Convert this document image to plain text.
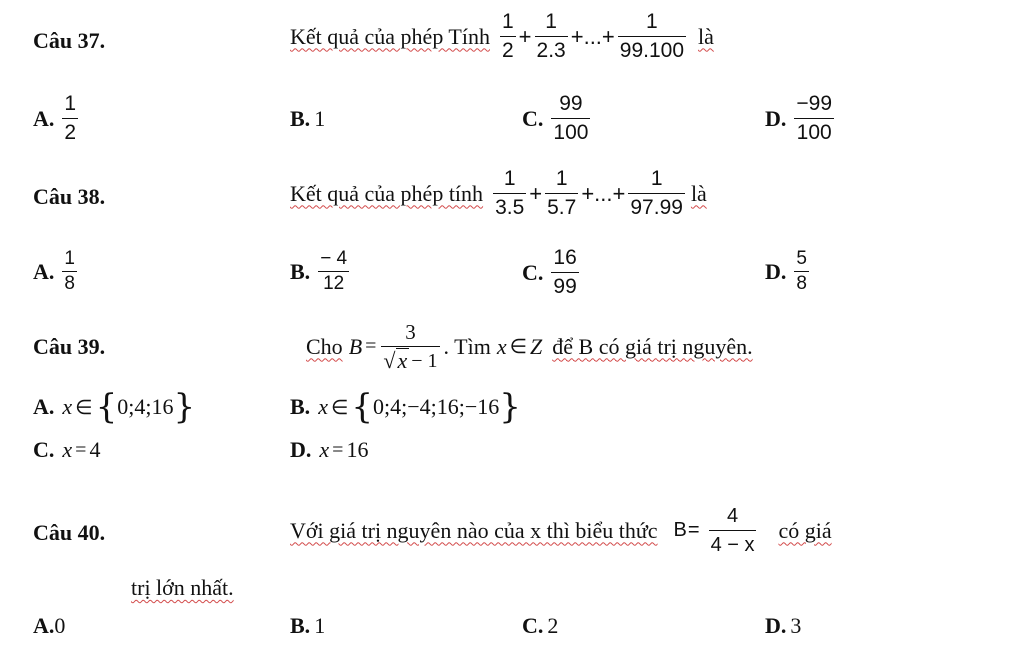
Câu 37.	Kết quả của phép Tính $\frac{1}{2} + \frac{1}{2.3}$ +...+ $\frac{1}{99.100}$ là
A. $\frac{1}{2}$	B. 1	C. $\frac{99}{100}$	D. $\frac{-99}{100}$
Câu 38.	Kết quả của phép tính $\frac{1}{3.5} + \frac{1}{5.7}$ +...+ $\frac{1}{97.99}$ là
A. $\frac{1}{8}$	B. $\frac{- 4}{12}$	C. $\frac{16}{99}$	D. $\frac{5}{8}$
Câu 39.	Cho $B = \frac{3}{√ x - 1}$ . Tìm x ∈ Z để B có giá trị nguyên.
A. x ∈ { 0;4;16 }	B. x ∈ { 0;4;−4;16;−16 }
C. x = 4	D. x = 16
Câu 40.	Với giá trị nguyên nào của x thì biểu thức $B = \frac{4}{4 - x}$ có giá
trị lớn nhất.
A.0	B. 1	C. 2	D. 3
